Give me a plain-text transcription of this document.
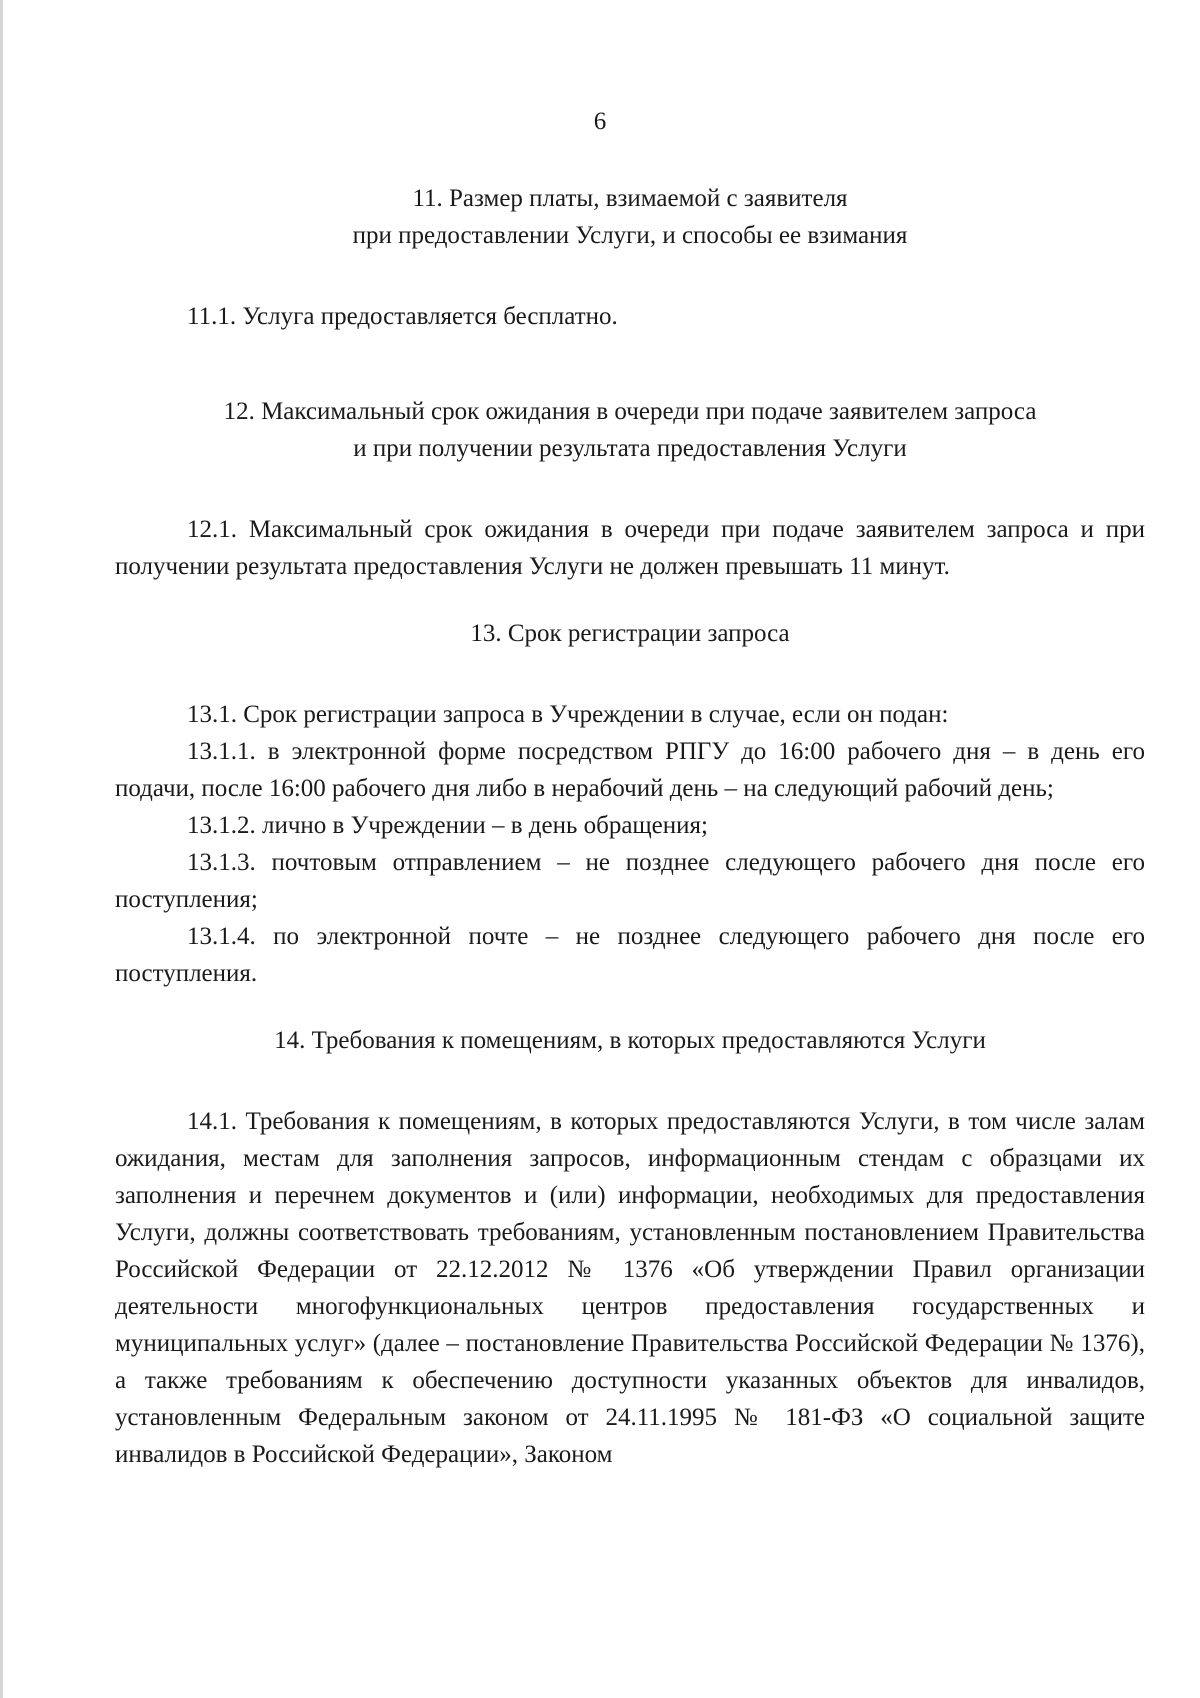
6
11. Размер платы, взимаемой с заявителя
при предоставлении Услуги, и способы ее взимания
11.1. Услуга предоставляется бесплатно.
12. Максимальный срок ожидания в очереди при подаче заявителем запроса
и при получении результата предоставления Услуги
12.1. Максимальный срок ожидания в очереди при подаче заявителем запроса и при получении результата предоставления Услуги не должен превышать 11 минут.
13. Срок регистрации запроса
13.1. Срок регистрации запроса в Учреждении в случае, если он подан:
13.1.1. в электронной форме посредством РПГУ до 16:00 рабочего дня – в день его подачи, после 16:00 рабочего дня либо в нерабочий день – на следующий рабочий день;
13.1.2. лично в Учреждении – в день обращения;
13.1.3. почтовым отправлением – не позднее следующего рабочего дня после его поступления;
13.1.4. по электронной почте – не позднее следующего рабочего дня после его поступления.
14. Требования к помещениям, в которых предоставляются Услуги
14.1. Требования к помещениям, в которых предоставляются Услуги, в том числе залам ожидания, местам для заполнения запросов, информационным стендам с образцами их заполнения и перечнем документов и (или) информации, необходимых для предоставления Услуги, должны соответствовать требованиям, установленным постановлением Правительства Российской Федерации от 22.12.2012 № 1376 «Об утверждении Правил организации деятельности многофункциональных центров предоставления государственных и муниципальных услуг» (далее – постановление Правительства Российской Федерации № 1376), а также требованиям к обеспечению доступности указанных объектов для инвалидов, установленным Федеральным законом от 24.11.1995 № 181-ФЗ «О социальной защите инвалидов в Российской Федерации», Законом
